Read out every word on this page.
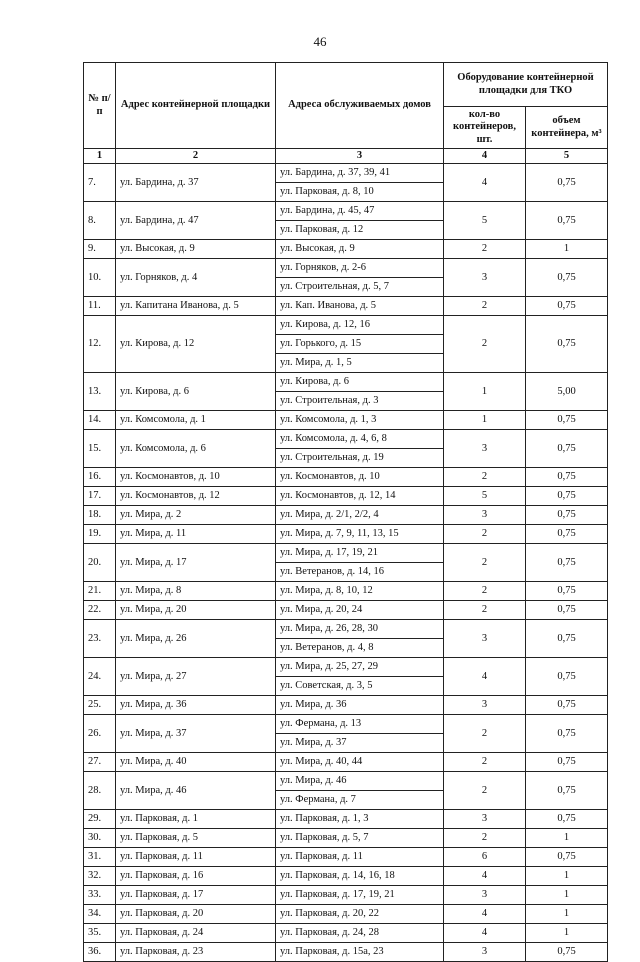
46
№ п/ п	Адрес контейнерной площадки	Адреса обслуживаемых домов	Оборудование контейнерной площадки для ТКО	
			кол-во контейнеров, шт.	объем контейнера, м³
1	2	3	4	5
7.	ул. Бардина, д. 37	ул. Бардина, д. 37, 39, 41
ул. Парковая, д. 8, 10	4	0,75
8.	ул. Бардина, д. 47	ул. Бардина, д. 45, 47
ул. Парковая, д. 12	5	0,75
9.	ул. Высокая, д. 9	ул. Высокая, д. 9	2	1
10.	ул. Горняков, д. 4	ул. Горняков, д. 2-6
ул. Строительная, д. 5, 7	3	0,75
11.	ул. Капитана Иванова, д. 5	ул. Кап. Иванова, д. 5	2	0,75
12.	ул. Кирова, д. 12	ул. Кирова, д. 12, 16
ул. Горького, д. 15
ул. Мира, д. 1, 5	2	0,75
13.	ул. Кирова, д. 6	ул. Кирова, д. 6
ул. Строительная, д. 3	1	5,00
14.	ул. Комсомола, д. 1	ул. Комсомола, д. 1, 3	1	0,75
15.	ул. Комсомола, д. 6	ул. Комсомола, д. 4, 6, 8
ул. Строительная, д. 19	3	0,75
16.	ул. Космонавтов, д. 10	ул. Космонавтов, д. 10	2	0,75
17.	ул. Космонавтов, д. 12	ул. Космонавтов, д. 12, 14	5	0,75
18.	ул. Мира, д. 2	ул. Мира, д. 2/1, 2/2, 4	3	0,75
19.	ул. Мира, д. 11	ул. Мира, д. 7, 9, 11, 13, 15	2	0,75
20.	ул. Мира, д. 17	ул. Мира, д. 17, 19, 21
ул. Ветеранов, д. 14, 16	2	0,75
21.	ул. Мира, д. 8	ул. Мира, д. 8, 10, 12	2	0,75
22.	ул. Мира, д. 20	ул. Мира, д. 20, 24	2	0,75
23.	ул. Мира, д. 26	ул. Мира, д. 26, 28, 30
ул. Ветеранов, д. 4, 8	3	0,75
24.	ул. Мира, д. 27	ул. Мира, д. 25, 27, 29
ул. Советская, д. 3, 5	4	0,75
25.	ул. Мира, д. 36	ул. Мира, д. 36	3	0,75
26.	ул. Мира, д. 37	ул. Фермана, д. 13
ул. Мира, д. 37	2	0,75
27.	ул. Мира, д. 40	ул. Мира, д. 40, 44	2	0,75
28.	ул. Мира, д. 46	ул. Мира, д. 46
ул. Фермана, д. 7	2	0,75
29.	ул. Парковая, д. 1	ул. Парковая, д. 1, 3	3	0,75
30.	ул. Парковая, д. 5	ул. Парковая, д. 5, 7	2	1
31.	ул. Парковая, д. 11	ул. Парковая, д. 11	6	0,75
32.	ул. Парковая, д. 16	ул. Парковая, д. 14, 16, 18	4	1
33.	ул. Парковая, д. 17	ул. Парковая, д. 17, 19, 21	3	1
34.	ул. Парковая, д. 20	ул. Парковая, д. 20, 22	4	1
35.	ул. Парковая, д. 24	ул. Парковая, д. 24, 28	4	1
36.	ул. Парковая, д. 23	ул. Парковая, д. 15а, 23	3	0,75
